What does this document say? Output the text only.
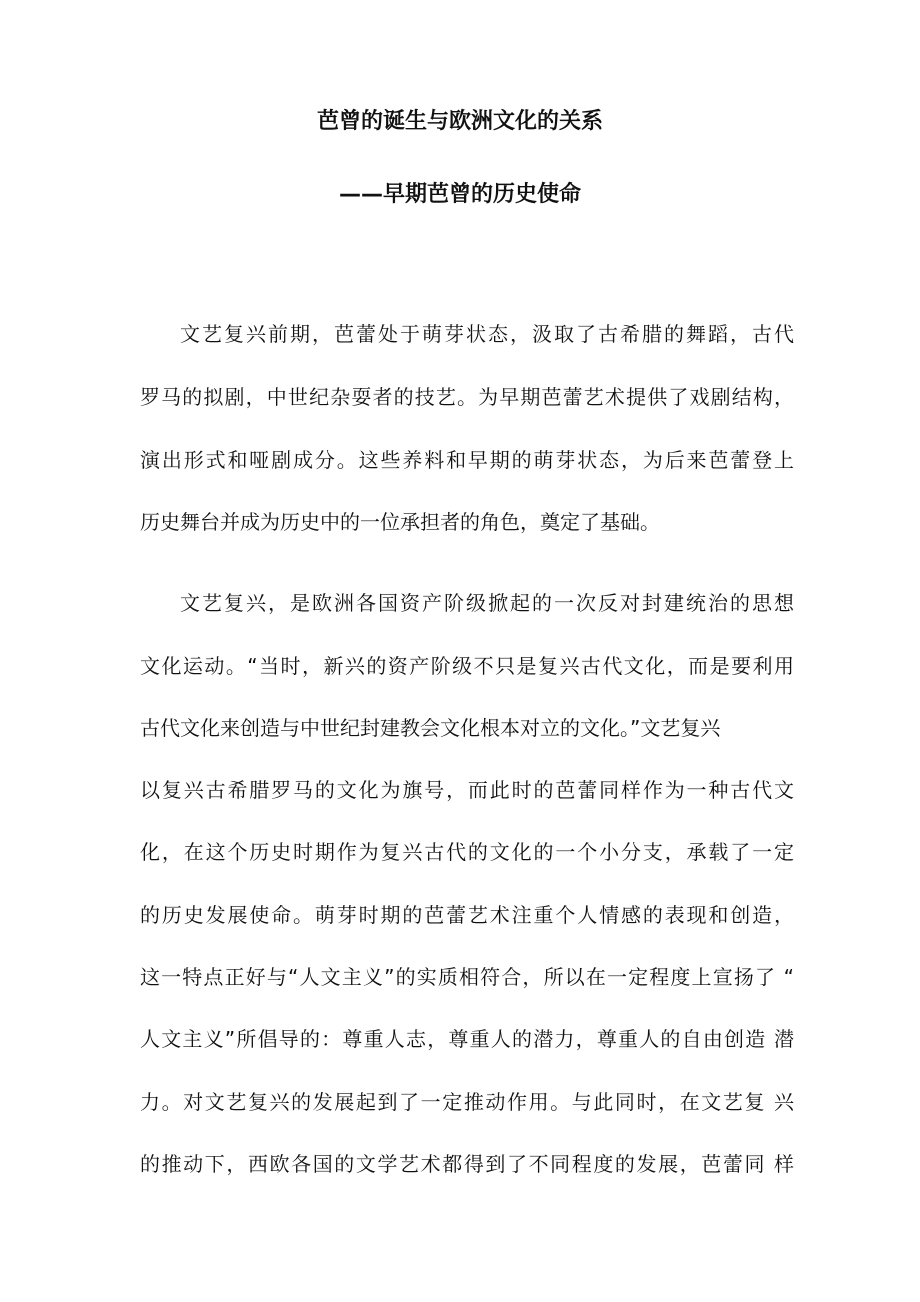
芭曾的诞生与欧洲文化的关系
——早期芭曾的历史使命
文艺复兴前期，芭蕾处于萌芽状态，汲取了古希腊的舞蹈，古代
罗马的拟剧，中世纪杂耍者的技艺。为早期芭蕾艺术提供了戏剧结构，
演出形式和哑剧成分。这些养料和早期的萌芽状态，为后来芭蕾登上
历史舞台并成为历史中的一位承担者的角色，奠定了基础。
文艺复兴，是欧洲各国资产阶级掀起的一次反对封建统治的思想
文化运动。“当时，新兴的资产阶级不只是复兴古代文化，而是要利用
古代文化来创造与中世纪封建教会文化根本对立的文化。”文艺复兴
以复兴古希腊罗马的文化为旗号，而此时的芭蕾同样作为一种古代文
化，在这个历史时期作为复兴古代的文化的一个小分支，承载了一定
的历史发展使命。萌芽时期的芭蕾艺术注重个人情感的表现和创造，
这一特点正好与“人文主义”的实质相符合，所以在一定程度上宣扬了 “
人文主义”所倡导的：尊重人志，尊重人的潜力，尊重人的自由创造 潜
力。对文艺复兴的发展起到了一定推动作用。与此同时，在文艺复 兴
的推动下，西欧各国的文学艺术都得到了不同程度的发展，芭蕾同 样
